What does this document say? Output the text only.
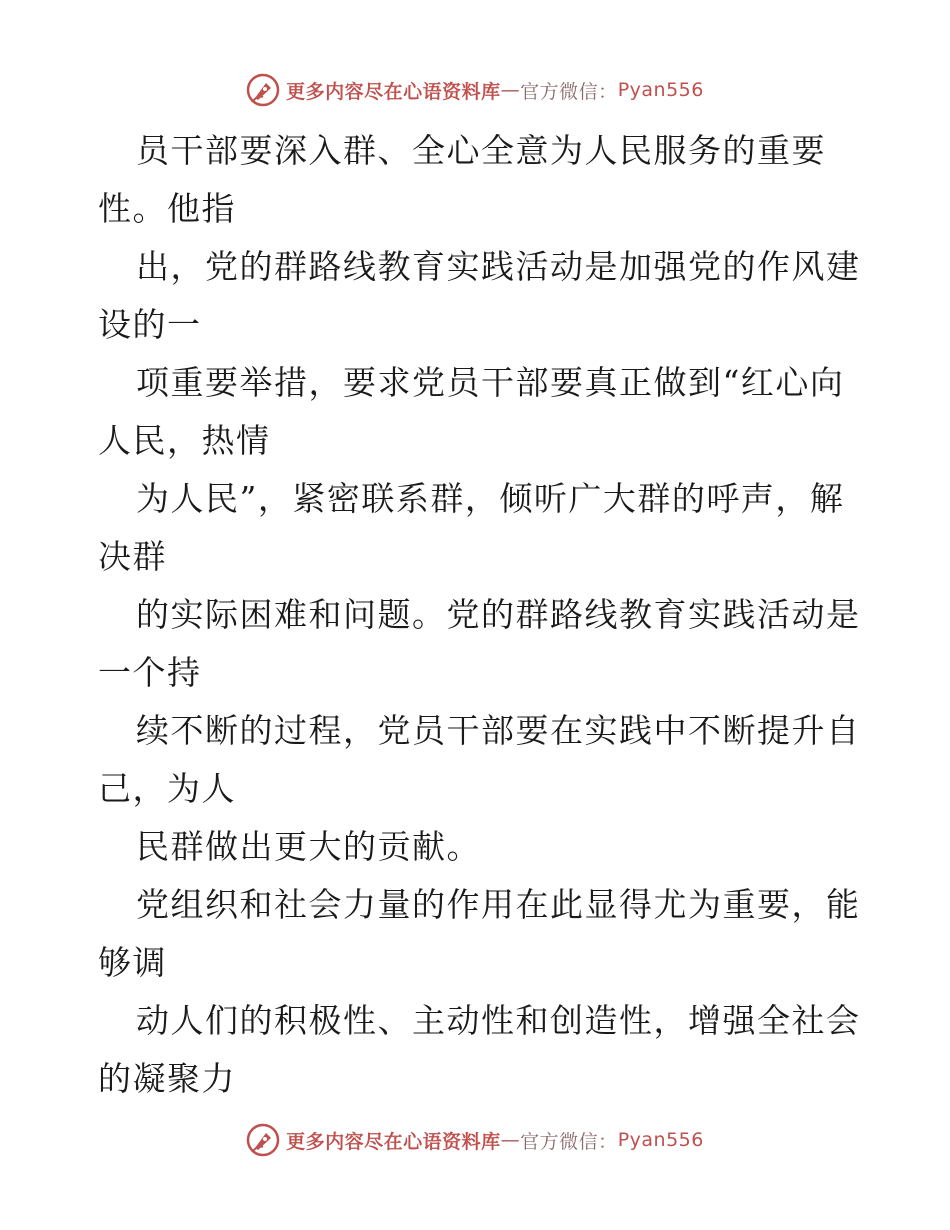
更多内容尽在心语资料库 — 官方微信： Pyan556
员干部要深入群、全心全意为人民服务的重要
性。他指
出，党的群路线教育实践活动是加强党的作风建
设的一
项重要举措，要求党员干部要真正做到“红心向
人民，热情
为人民”，紧密联系群，倾听广大群的呼声，解
决群
的实际困难和问题。党的群路线教育实践活动是
一个持
续不断的过程，党员干部要在实践中不断提升自
己，为人
民群做出更大的贡献。
党组织和社会力量的作用在此显得尤为重要，能
够调
动人们的积极性、主动性和创造性，增强全社会
的凝聚力
更多内容尽在心语资料库 — 官方微信： Pyan556
